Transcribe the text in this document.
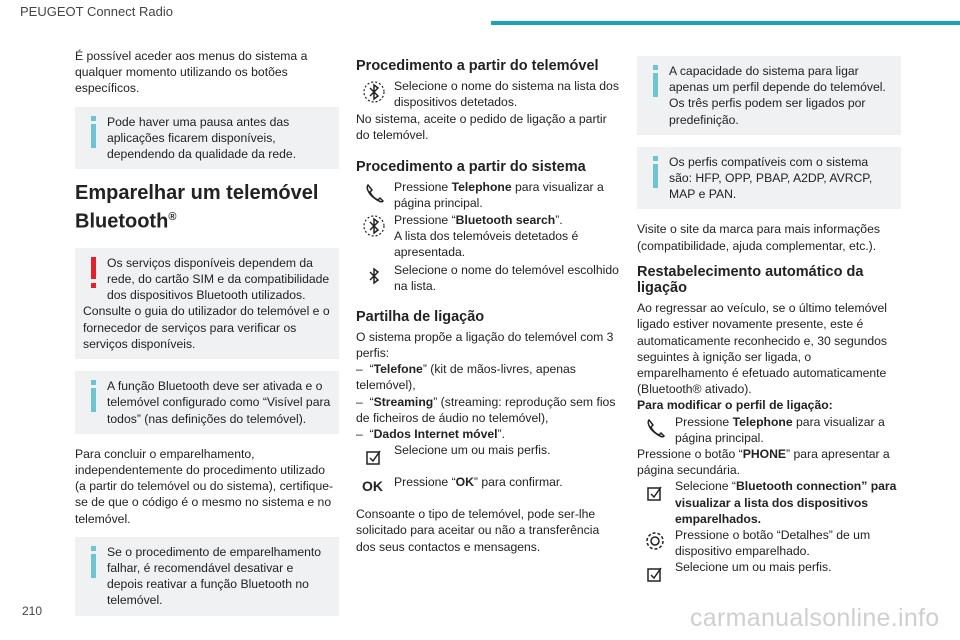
PEUGEOT Connect Radio

É possível aceder aos menus do sistema a qualquer momento utilizando os botões específicos.

Pode haver uma pausa antes das aplicações ficarem disponíveis, dependendo da qualidade da rede.
Emparelhar um telemóvel Bluetooth®
Os serviços disponíveis dependem da rede, do cartão SIM e da compatibilidade dos dispositivos Bluetooth utilizados.
Consulte o guia do utilizador do telemóvel e o fornecedor de serviços para verificar os serviços disponíveis.
A função Bluetooth deve ser ativada e o telemóvel configurado como “Visível para todos” (nas definições do telemóvel).

Para concluir o emparelhamento, independentemente do procedimento utilizado (a partir do telemóvel ou do sistema), certifique-se de que o código é o mesmo no sistema e no telemóvel.

Se o procedimento de emparelhamento falhar, é recomendável desativar e depois reativar a função Bluetooth no telemóvel.
Procedimento a partir do telemóvel
Selecione o nome do sistema na lista dos dispositivos detetados.

No sistema, aceite o pedido de ligação a partir do telemóvel.

Procedimento a partir do sistema
Pressione Telephone para visualizar a página principal.
Pressione “Bluetooth search”.
A lista dos telemóveis detetados é apresentada.
Selecione o nome do telemóvel escolhido na lista.
Partilha de ligação

O sistema propõe a ligação do telemóvel com 3 perfis:
–  “Telefone” (kit de mãos-livres, apenas telemóvel),
–  “Streaming” (streaming: reprodução sem fios de ficheiros de áudio no telemóvel),
–  “Dados Internet móvel”.

Selecione um ou mais perfis.
OK Pressione “OK” para confirmar.

Consoante o tipo de telemóvel, pode ser-lhe solicitado para aceitar ou não a transferência dos seus contactos e mensagens.

A capacidade do sistema para ligar apenas um perfil depende do telemóvel. Os três perfis podem ser ligados por predefinição.
Os perfis compatíveis com o sistema são: HFP, OPP, PBAP, A2DP, AVRCP, MAP e PAN.

Visite o site da marca para mais informações (compatibilidade, ajuda complementar, etc.).

Restabelecimento automático da ligação

Ao regressar ao veículo, se o último telemóvel ligado estiver novamente presente, este é automaticamente reconhecido e, 30 segundos seguintes à ignição ser ligada, o emparelhamento é efetuado automaticamente (Bluetooth® ativado).
Para modificar o perfil de ligação:

Pressione Telephone para visualizar a página principal.

Pressione o botão “PHONE” para apresentar a página secundária.

Selecione “Bluetooth connection” para visualizar a lista dos dispositivos emparelhados.
Pressione o botão “Detalhes” de um dispositivo emparelhado.
Selecione um ou mais perfis.
210	carmanualsonline.info
